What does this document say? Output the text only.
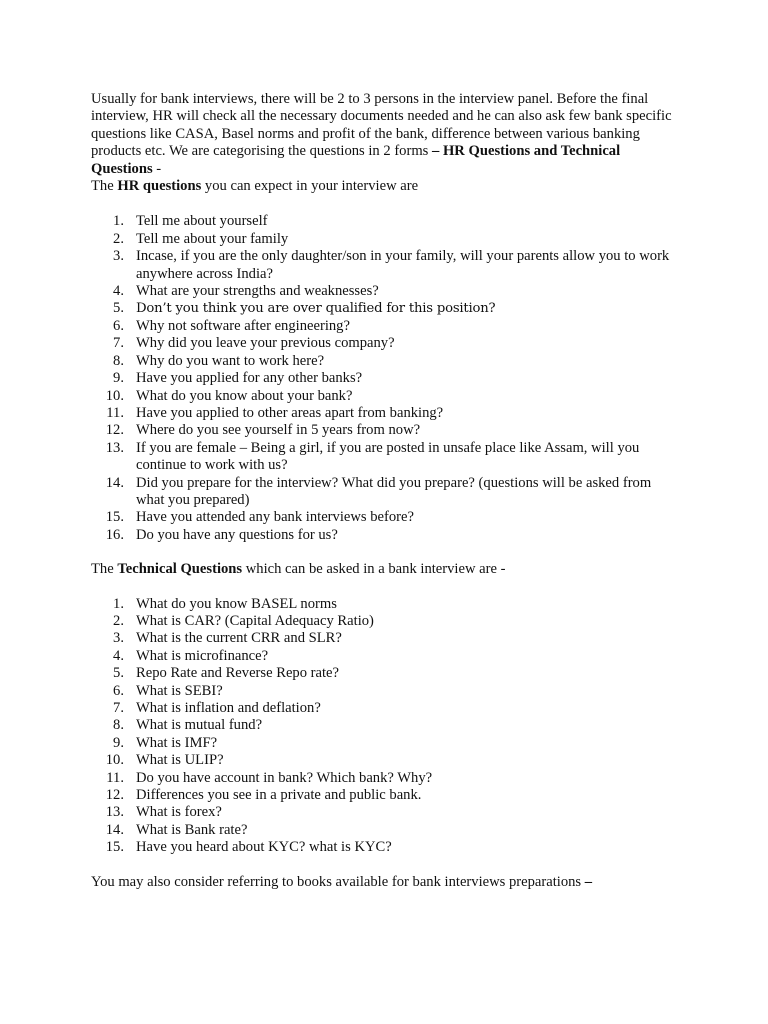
Usually for bank interviews, there will be 2 to 3 persons in the interview panel. Before the final interview, HR will check all the necessary documents needed and he can also ask few bank specific questions like CASA, Basel norms and profit of the bank, difference between various banking products etc. We are categorising the questions in 2 forms – HR Questions and Technical Questions -

The HR questions you can expect in your interview are

1 . Tell me about yourself
2 . Tell me about your family
3 . Incase, if you are the only daughter/son in your family, will your parents allow you to work anywhere across India?
4 . What are your strengths and weaknesses?
5 . Don’t you think you are over qualified for this position?
6 . Why not software after engineering?
7 . Why did you leave your previous company?
8 . Why do you want to work here?
9 . Have you applied for any other banks?
10 . What do you know about your bank?
11 . Have you applied to other areas apart from banking?
12 . Where do you see yourself in 5 years from now?
13 . If you are female – Being a girl, if you are posted in unsafe place like Assam, will you continue to work with us?
14 . Did you prepare for the interview? What did you prepare? (questions will be asked from what you prepared)
15 . Have you attended any bank interviews before?
16 . Do you have any questions for us?

The Technical Questions which can be asked in a bank interview are -

1 . What do you know BASEL norms
2 . What is CAR? (Capital Adequacy Ratio)
3 . What is the current CRR and SLR?
4 . What is microfinance?
5 . Repo Rate and Reverse Repo rate?
6 . What is SEBI?
7 . What is inflation and deflation?
8 . What is mutual fund?
9 . What is IMF?
10 . What is ULIP?
11 . Do you have account in bank? Which bank? Why?
12 . Differences you see in a private and public bank.
13 . What is forex?
14 . What is Bank rate?
15 . Have you heard about KYC? what is KYC?

You may also consider referring to books available for bank interviews preparations –
